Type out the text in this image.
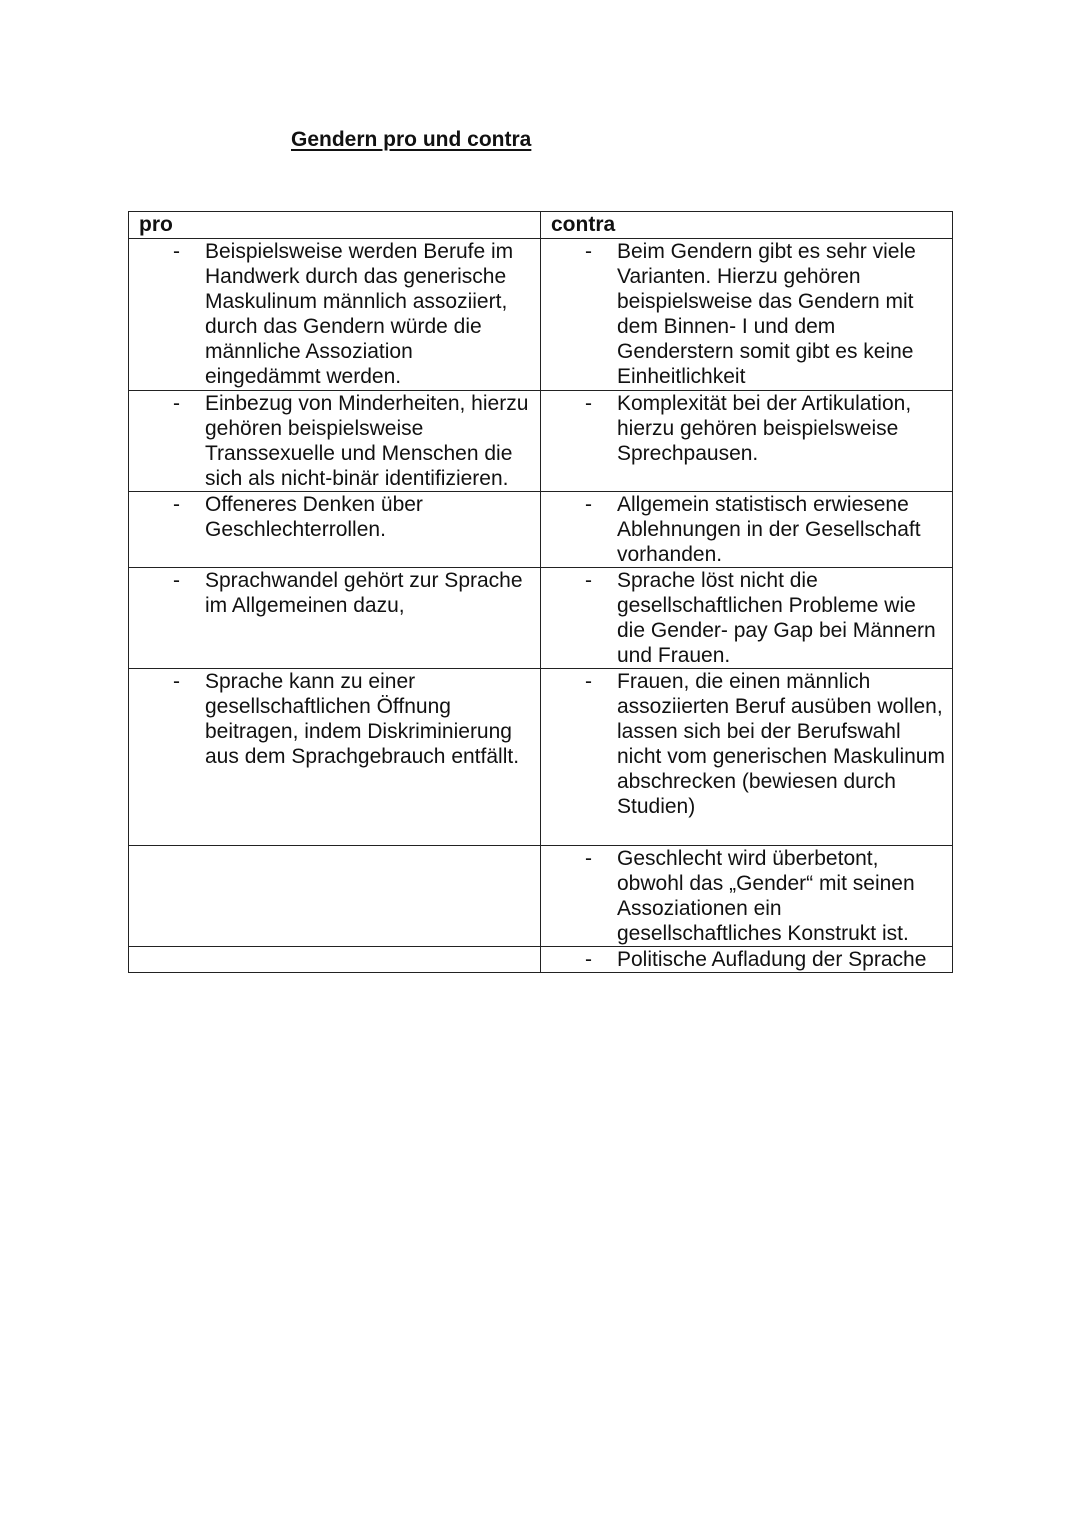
Gendern pro und contra
pro	contra

- Beispielsweise werden Berufe im Handwerk durch das generische Maskulinum männlich assoziiert, durch das Gendern würde die männliche Assoziation eingedämmt werden.	- Beim Gendern gibt es sehr viele Varianten. Hierzu gehören beispielsweise das Gendern mit dem Binnen- I und dem Genderstern somit gibt es keine Einheitlichkeit

- Einbezug von Minderheiten, hierzu gehören beispielsweise Transsexuelle und Menschen die sich als nicht-binär identifizieren.	- Komplexität bei der Artikulation, hierzu gehören beispielsweise Sprechpausen.

- Offeneres Denken über Geschlechterrollen.	- Allgemein statistisch erwiesene Ablehnungen in der Gesellschaft vorhanden.

- Sprachwandel gehört zur Sprache im Allgemeinen dazu,	- Sprache löst nicht die gesellschaftlichen Probleme wie die Gender- pay Gap bei Männern und Frauen.

- Sprache kann zu einer gesellschaftlichen Öffnung beitragen, indem Diskriminierung aus dem Sprachgebrauch entfällt.	- Frauen, die einen männlich assoziierten Beruf ausüben wollen, lassen sich bei der Berufswahl nicht vom generischen Maskulinum abschrecken (bewiesen durch Studien)

	- Geschlecht wird überbetont, obwohl das „Gender“ mit seinen Assoziationen ein gesellschaftliches Konstrukt ist.

	- Politische Aufladung der Sprache
